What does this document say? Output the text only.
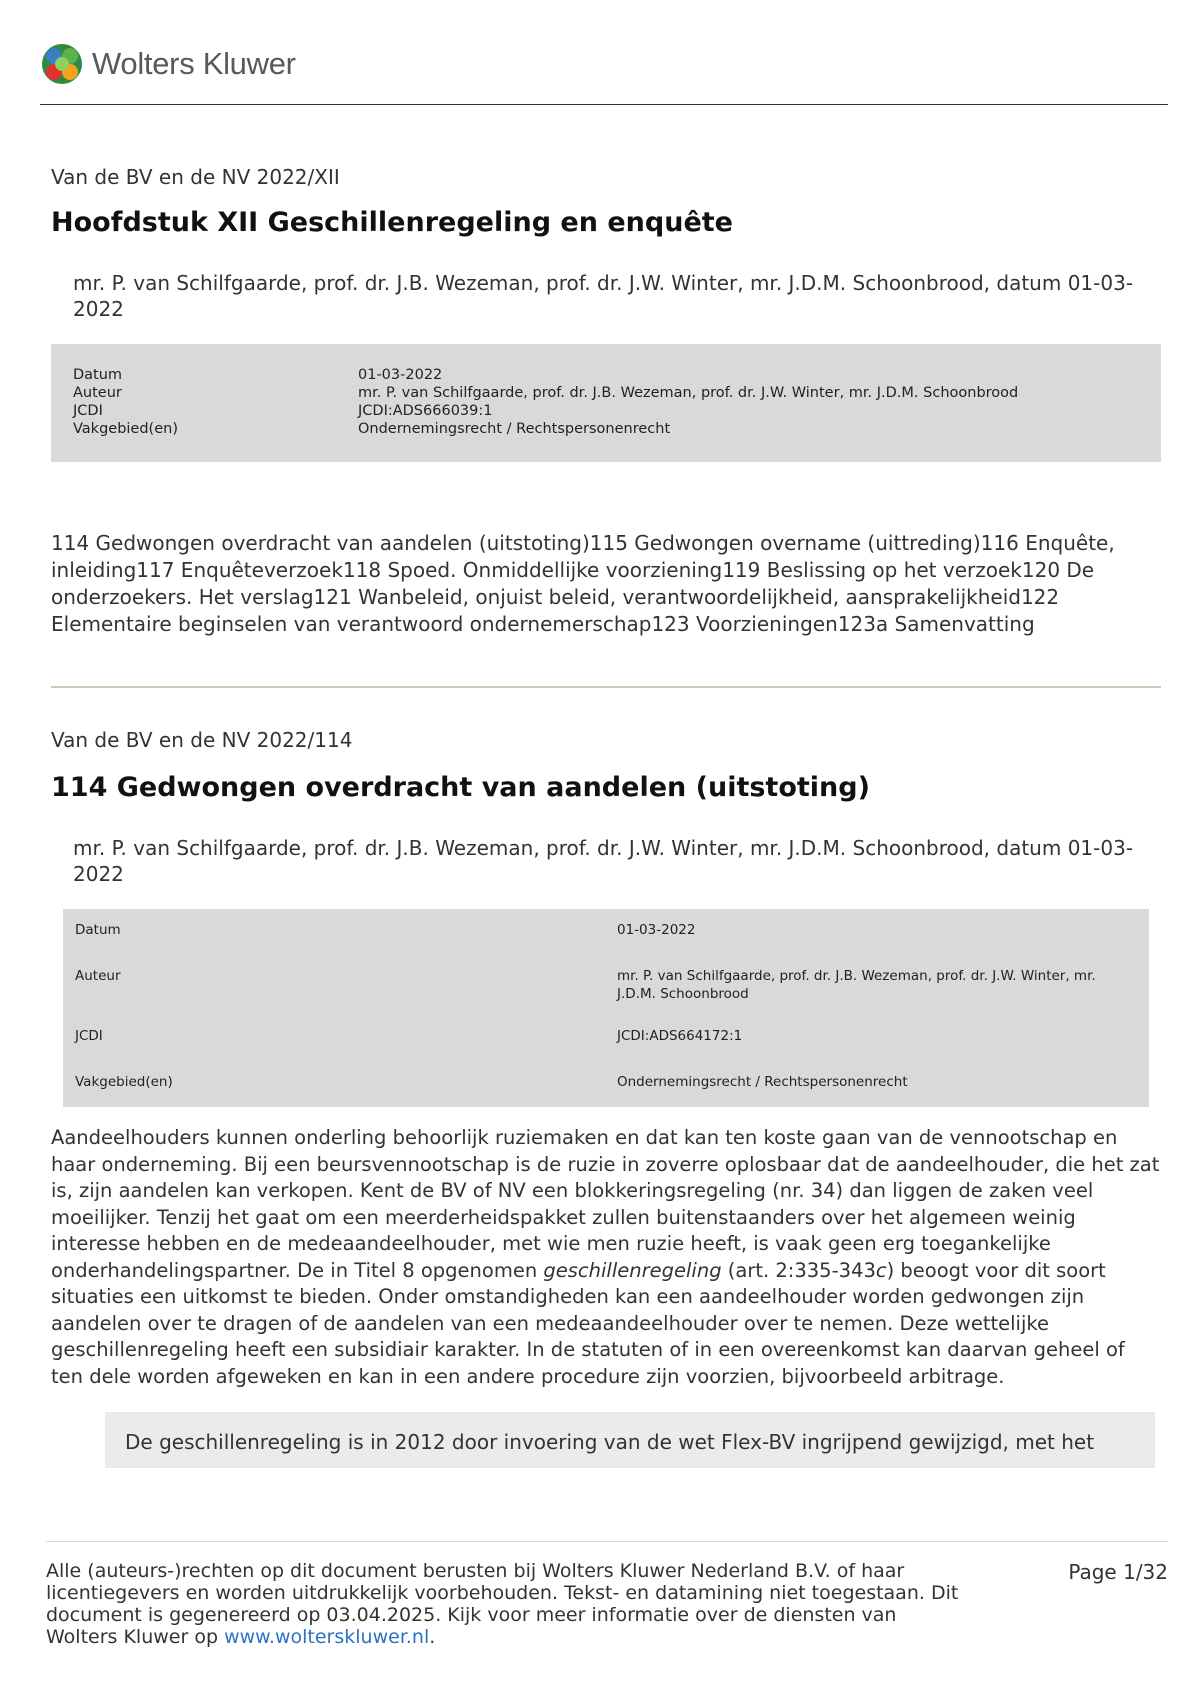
Wolters Kluwer

Van de BV en de NV 2022/XII

Hoofdstuk XII Geschillenregeling en enquête
mr. P. van Schilfgaarde, prof. dr. J.B. Wezeman, prof. dr. J.W. Winter, mr. J.D.M. Schoonbrood, datum 01-03-2022
Datum	01-03-2022
Auteur	mr. P. van Schilfgaarde, prof. dr. J.B. Wezeman, prof. dr. J.W. Winter, mr. J.D.M. Schoonbrood
JCDI	JCDI:ADS666039:1
Vakgebied(en)	Ondernemingsrecht / Rechtspersonenrecht
114 Gedwongen overdracht van aandelen (uitstoting)115 Gedwongen overname (uittreding)116 Enquête, inleiding117 Enquêteverzoek118 Spoed. Onmiddellijke voorziening119 Beslissing op het verzoek120 De onderzoekers. Het verslag121 Wanbeleid, onjuist beleid, verantwoordelijkheid, aansprakelijkheid122 Elementaire beginselen van verantwoord ondernemerschap123 Voorzieningen123a Samenvatting
Van de BV en de NV 2022/114
114 Gedwongen overdracht van aandelen (uitstoting)
mr. P. van Schilfgaarde, prof. dr. J.B. Wezeman, prof. dr. J.W. Winter, mr. J.D.M. Schoonbrood, datum 01-03-2022
Datum	01-03-2022
Auteur	mr. P. van Schilfgaarde, prof. dr. J.B. Wezeman, prof. dr. J.W. Winter, mr. J.D.M. Schoonbrood
JCDI	JCDI:ADS664172:1
Vakgebied(en)	Ondernemingsrecht / Rechtspersonenrecht
Aandeelhouders kunnen onderling behoorlijk ruziemaken en dat kan ten koste gaan van de vennootschap en haar onderneming. Bij een beursvennootschap is de ruzie in zoverre oplosbaar dat de aandeelhouder, die het zat is, zijn aandelen kan verkopen. Kent de BV of NV een blokkeringsregeling (nr. 34) dan liggen de zaken veel moeilijker. Tenzij het gaat om een meerderheidspakket zullen buitenstaanders over het algemeen weinig interesse hebben en de medeaandeelhouder, met wie men ruzie heeft, is vaak geen erg toegankelijke onderhandelingspartner. De in Titel 8 opgenomen geschillenregeling (art. 2:335-343c) beoogt voor dit soort situaties een uitkomst te bieden. Onder omstandigheden kan een aandeelhouder worden gedwongen zijn aandelen over te dragen of de aandelen van een medeaandeelhouder over te nemen. Deze wettelijke geschillenregeling heeft een subsidiair karakter. In de statuten of in een overeenkomst kan daarvan geheel of ten dele worden afgeweken en kan in een andere procedure zijn voorzien, bijvoorbeeld arbitrage.
De geschillenregeling is in 2012 door invoering van de wet Flex-BV ingrijpend gewijzigd, met het
Alle (auteurs-)rechten op dit document berusten bij Wolters Kluwer Nederland B.V. of haar licentiegevers en worden uitdrukkelijk voorbehouden. Tekst- en datamining niet toegestaan. Dit document is gegenereerd op 03.04.2025. Kijk voor meer informatie over de diensten van Wolters Kluwer op www.wolterskluwer.nl.
Page 1/32
